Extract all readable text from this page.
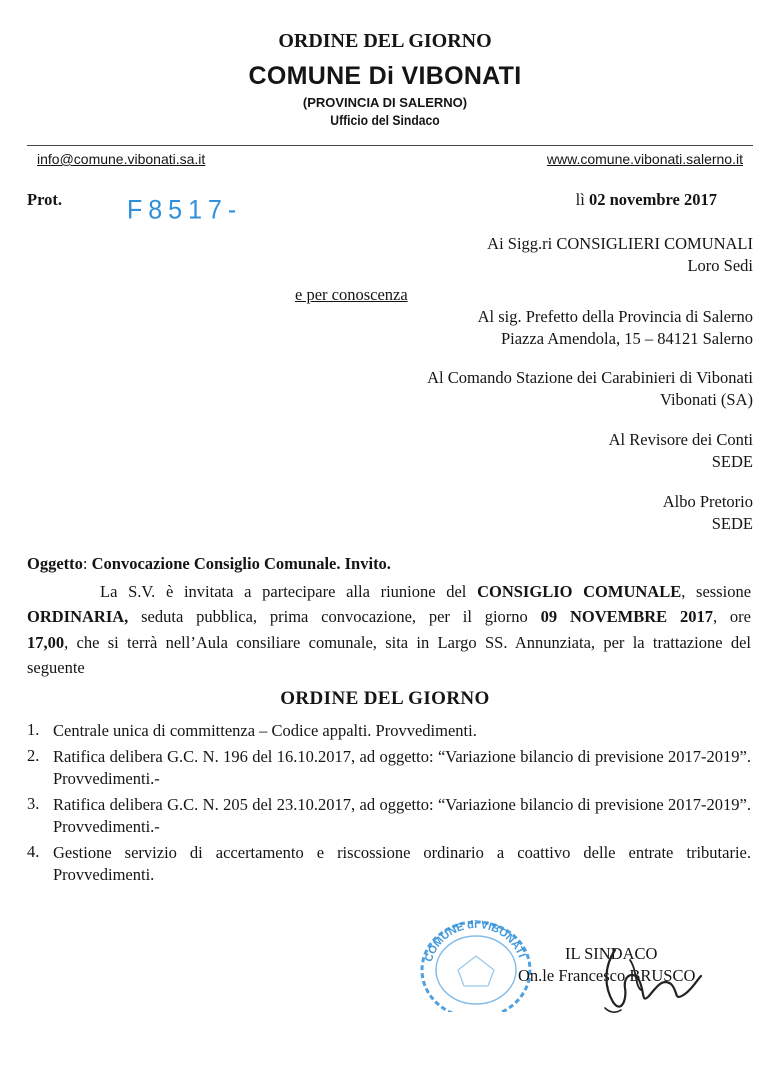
ORDINE DEL GIORNO
COMUNE Di VIBONATI
(PROVINCIA DI SALERNO)
Ufficio del Sindaco
info@comune.vibonati.sa.it	www.comune.vibonati.salerno.it
Prot.	F8517-	lì 02 novembre 2017
Ai Sigg.ri CONSIGLIERI COMUNALI
Loro Sedi
e per conoscenza
Al sig. Prefetto della Provincia di Salerno
Piazza Amendola, 15 – 84121 Salerno
Al Comando Stazione dei Carabinieri di Vibonati
Vibonati (SA)
Al Revisore dei Conti
SEDE
Albo Pretorio
SEDE
Oggetto: Convocazione Consiglio Comunale. Invito.
La S.V. è invitata a partecipare alla riunione del CONSIGLIO COMUNALE, sessione
ORDINARIA, seduta pubblica, prima convocazione, per il giorno 09 NOVEMBRE 2017, ore
17,00, che si terrà nell’Aula consiliare comunale, sita in Largo SS. Annunziata, per la trattazione del
seguente
ORDINE DEL GIORNO
1. Centrale unica di committenza – Codice appalti. Provvedimenti.
2. Ratifica delibera G.C. N. 196 del 16.10.2017, ad oggetto: “Variazione bilancio di previsione 2017-2019”. Provvedimenti.-
3. Ratifica delibera G.C. N. 205 del 23.10.2017, ad oggetto: “Variazione bilancio di previsione 2017-2019”. Provvedimenti.-
4. Gestione servizio di accertamento e riscossione ordinario a coattivo delle entrate tributarie. Provvedimenti.
COMUNE di VIBONATI IL SINDACO
On.le Francesco BRUSCO
